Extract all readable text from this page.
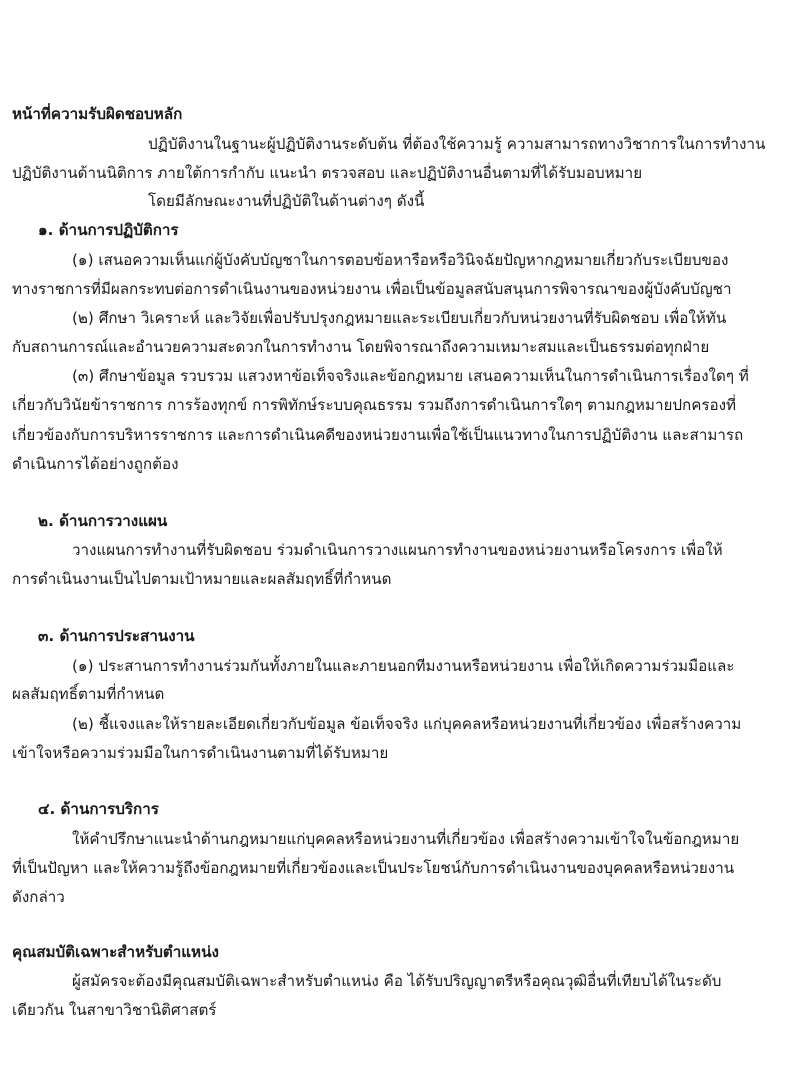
หน้าที่ความรับผิดชอบหลัก
ปฏิบัติงานในฐานะผู้ปฏิบัติงานระดับต้น ที่ต้องใช้ความรู้ ความสามารถทางวิชาการในการทำงาน
ปฏิบัติงานด้านนิติการ ภายใต้การกำกับ แนะนำ ตรวจสอบ และปฏิบัติงานอื่นตามที่ได้รับมอบหมาย
โดยมีลักษณะงานที่ปฏิบัติในด้านต่างๆ ดังนี้
๑. ด้านการปฏิบัติการ
(๑) เสนอความเห็นแก่ผู้บังคับบัญชาในการตอบข้อหารือหรือวินิจฉัยปัญหากฎหมายเกี่ยวกับระเบียบของ
ทางราชการที่มีผลกระทบต่อการดำเนินงานของหน่วยงาน เพื่อเป็นข้อมูลสนับสนุนการพิจารณาของผู้บังคับบัญชา
(๒) ศึกษา วิเคราะห์ และวิจัยเพื่อปรับปรุงกฎหมายและระเบียบเกี่ยวกับหน่วยงานที่รับผิดชอบ เพื่อให้ทัน
กับสถานการณ์และอำนวยความสะดวกในการทำงาน โดยพิจารณาถึงความเหมาะสมและเป็นธรรมต่อทุกฝ่าย
(๓) ศึกษาข้อมูล รวบรวม แสวงหาข้อเท็จจริงและข้อกฎหมาย เสนอความเห็นในการดำเนินการเรื่องใดๆ ที่
เกี่ยวกับวินัยข้าราชการ การร้องทุกข์ การพิทักษ์ระบบคุณธรรม รวมถึงการดำเนินการใดๆ ตามกฎหมายปกครองที่
เกี่ยวข้องกับการบริหารราชการ และการดำเนินคดีของหน่วยงานเพื่อใช้เป็นแนวทางในการปฏิบัติงาน และสามารถ
ดำเนินการได้อย่างถูกต้อง
๒. ด้านการวางแผน
วางแผนการทำงานที่รับผิดชอบ ร่วมดำเนินการวางแผนการทำงานของหน่วยงานหรือโครงการ เพื่อให้
การดำเนินงานเป็นไปตามเป้าหมายและผลสัมฤทธิ์ที่กำหนด
๓. ด้านการประสานงาน
(๑) ประสานการทำงานร่วมกันทั้งภายในและภายนอกทีมงานหรือหน่วยงาน เพื่อให้เกิดความร่วมมือและ
ผลสัมฤทธิ์ตามที่กำหนด
(๒) ชี้แจงและให้รายละเอียดเกี่ยวกับข้อมูล ข้อเท็จจริง แก่บุคคลหรือหน่วยงานที่เกี่ยวข้อง เพื่อสร้างความ
เข้าใจหรือความร่วมมือในการดำเนินงานตามที่ได้รับหมาย
๔. ด้านการบริการ
ให้คำปรึกษาแนะนำด้านกฎหมายแก่บุคคลหรือหน่วยงานที่เกี่ยวข้อง เพื่อสร้างความเข้าใจในข้อกฎหมาย
ที่เป็นปัญหา และให้ความรู้ถึงข้อกฎหมายที่เกี่ยวข้องและเป็นประโยชน์กับการดำเนินงานของบุคคลหรือหน่วยงาน
ดังกล่าว
คุณสมบัติเฉพาะสำหรับตำแหน่ง
ผู้สมัครจะต้องมีคุณสมบัติเฉพาะสำหรับตำแหน่ง คือ ได้รับปริญญาตรีหรือคุณวุฒิอื่นที่เทียบได้ในระดับ
เดียวกัน ในสาขาวิชานิติศาสตร์
